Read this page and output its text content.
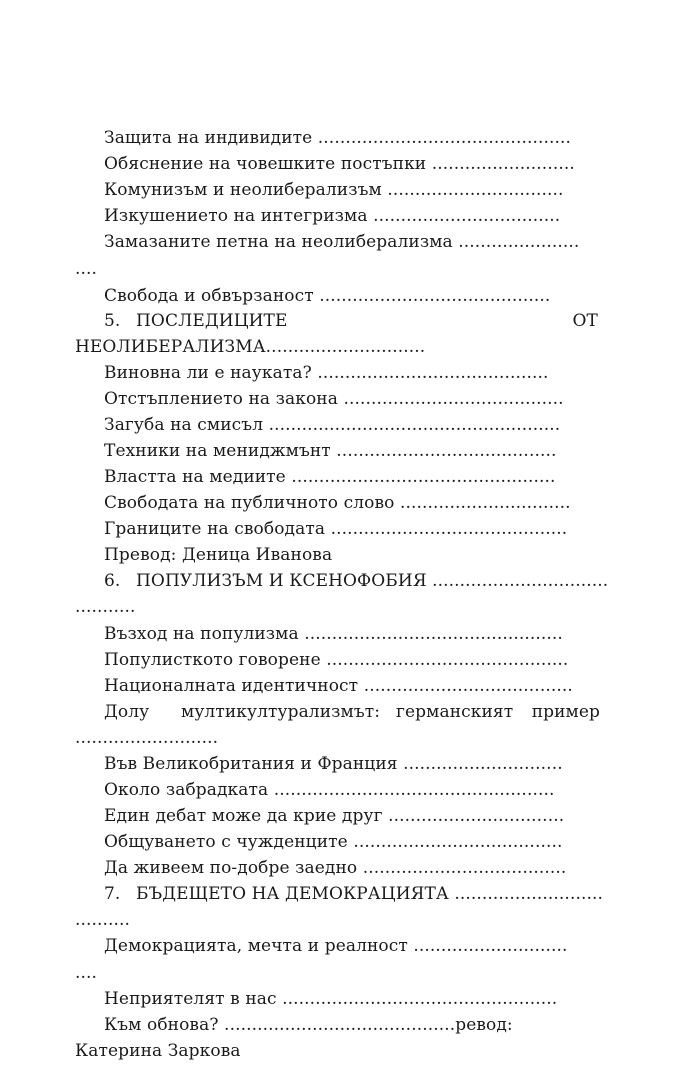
Защита на индивидите ..............................................
Обяснение на човешките постъпки ..........................
Комунизъм и неолиберализъм ................................
Изкушението на интегризма ..................................
Замазаните петна на неолиберализма ......................
....
Свобода и обвързаност ..........................................
5. ПОСЛЕДИЦИТЕ	ОТ
НЕОЛИБЕРАЛИЗМА.............................
Виновна ли е науката? ..........................................
Отстъплението на закона ........................................
Загуба на смисъл .....................................................
Техники на мениджмънт ........................................
Властта на медиите ................................................
Свободата на публичното слово ...............................
Границите на свободата ...........................................
Превод: Деница Иванова
6. ПОПУЛИЗЪМ И КСЕНОФОБИЯ ................................
...........
Възход на популизма ...............................................
Популисткото говорене ............................................
Националната идентичност ......................................
Долу мултикултурализмът: германският пример
..........................
Във Великобритания и Франция .............................
Около забрадката ...................................................
Един дебат може да крие друг ................................
Общуването с чужденците ......................................
Да живеем по-добре заедно .....................................
7. БЪДЕЩЕТО НА ДЕМОКРАЦИЯТА ...........................
..........
Демокрацията, мечта и реалност ............................
....
Неприятелят в нас ..................................................
Към обнова? ..........................................ревод:
Катерина Заркова
